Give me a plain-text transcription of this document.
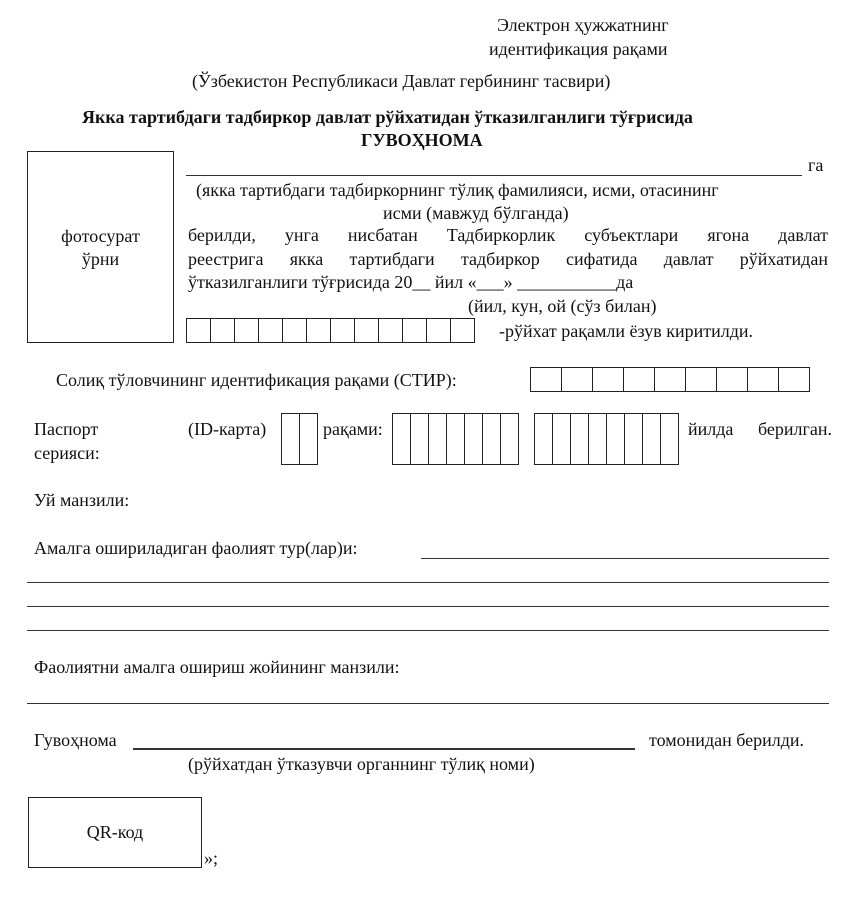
Электрон ҳужжатнинг
идентификация рақами
(Ўзбекистон Республикаси Давлат гербининг тасвири)
Якка тартибдаги тадбиркор давлат рўйхатидан ўтказилганлиги тўғрисида
ГУВОҲНОМА
фотосурат
ўрни
га
(якка тартибдаги тадбиркорнинг тўлиқ фамилияси, исми, отасининг
исми (мавжуд бўлганда)
берилди, унга нисбатан Тадбиркорлик субъектлари ягона давлат
реестрига якка тартибдаги тадбиркор сифатида давлат рўйхатидан
ўтказилганлиги тўғрисида 20__ йил «___» ___________да
(йил, кун, ой (сўз билан)
-рўйхат рақамли ёзув киритилди.
Солиқ тўловчининг идентификация рақами (СТИР):
Паспорт
серияси:
(ID-карта)	рақами:	йилда берилган.
Уй манзили:
Амалга ошириладиган фаолият тур(лар)и:
Фаолиятни амалга ошириш жойининг манзили:
Гувоҳнома	томонидан берилди.
(рўйхатдан ўтказувчи органнинг тўлиқ номи)
QR-код
»;
